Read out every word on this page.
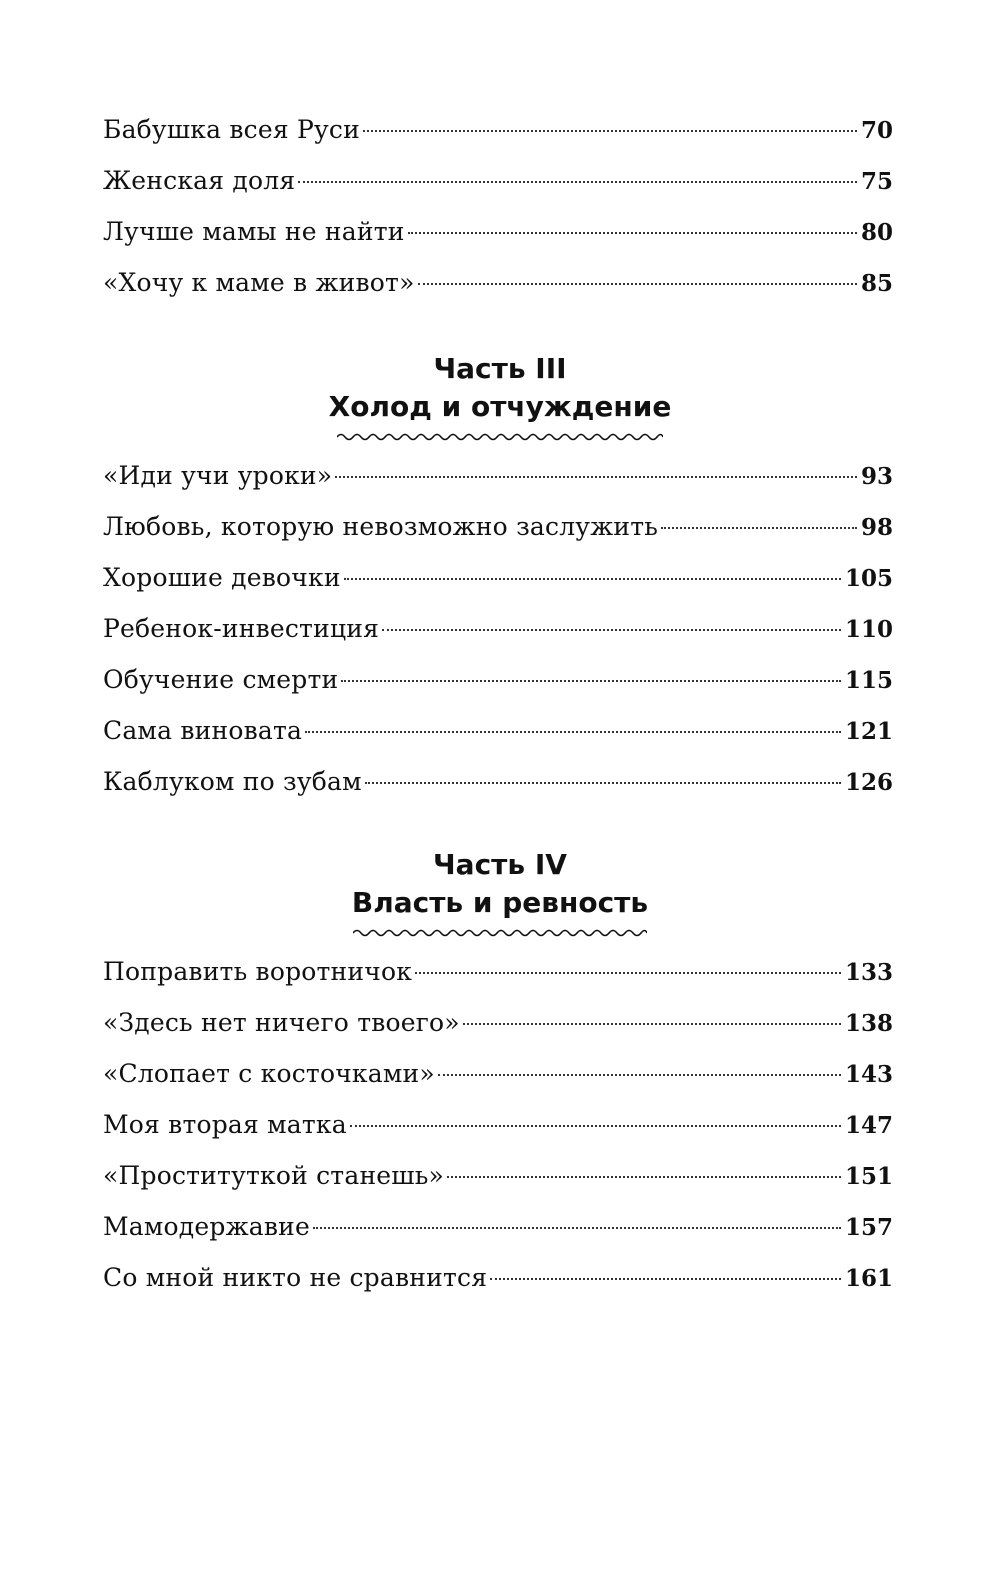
Бабушка всея Руси	70
Женская доля	75
Лучше мамы не найти	80
«Хочу к маме в живот»	85
Часть III
Холод и отчуждение
«Иди учи уроки»	93
Любовь, которую невозможно заслужить	98
Хорошие девочки	105
Ребенок-инвестиция	110
Обучение смерти	115
Сама виновата	121
Каблуком по зубам	126
Часть IV
Власть и ревность
Поправить воротничок	133
«Здесь нет ничего твоего»	138
«Слопает с косточками»	143
Моя вторая матка	147
«Проституткой станешь»	151
Мамодержавие	157
Со мной никто не сравнится	161
